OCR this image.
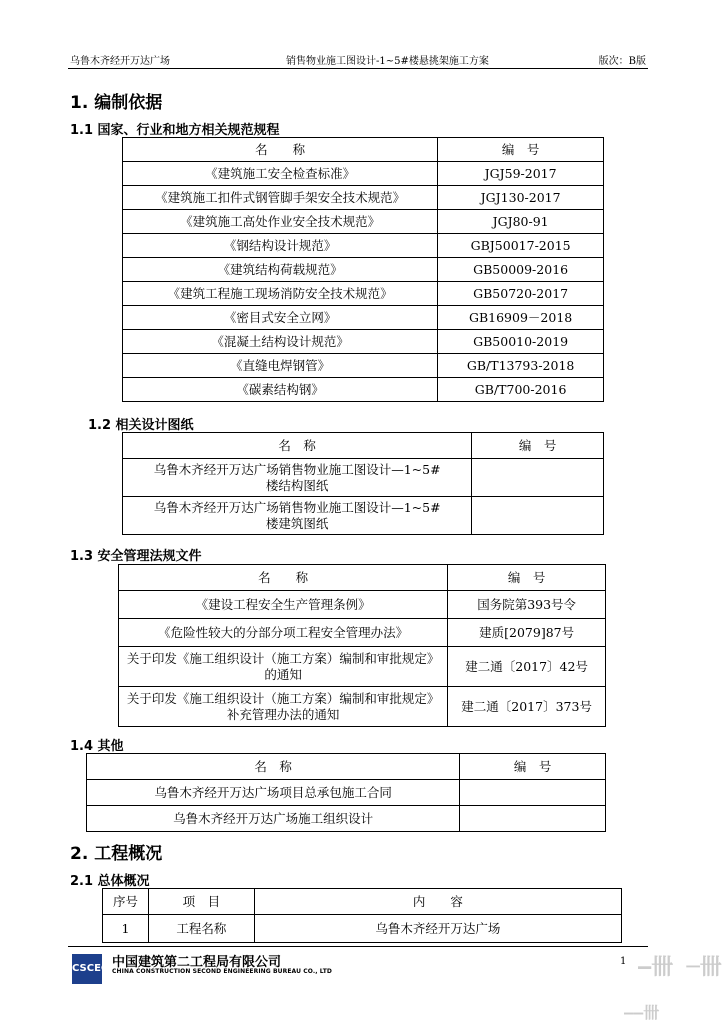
乌鲁木齐经开万达广场	销售物业施工图设计-1~5#楼悬挑架施工方案	版次：B版
1. 编制依据
1.1 国家、行业和地方相关规范规程
名　　称	编　号
《建筑施工安全检查标准》	JGJ59-2017
《建筑施工扣件式钢管脚手架安全技术规范》	JGJ130-2017
《建筑施工高处作业安全技术规范》	JGJ80-91
《钢结构设计规范》	GBJ50017-2015
《建筑结构荷载规范》	GB50009-2016
《建筑工程施工现场消防安全技术规范》	GB50720-2017
《密目式安全立网》	GB16909－2018
《混凝土结构设计规范》	GB50010-2019
《直缝电焊钢管》	GB/T13793-2018
《碳素结构钢》	GB/T700-2016
1.2 相关设计图纸
名　称	编　号
乌鲁木齐经开万达广场销售物业施工图设计—1~5#楼结构图纸	
乌鲁木齐经开万达广场销售物业施工图设计—1~5#楼建筑图纸	
1.3 安全管理法规文件
名　　称	编　号
《建设工程安全生产管理条例》	国务院第393号令
《危险性较大的分部分项工程安全管理办法》	建质[2079]87号
关于印发《施工组织设计（施工方案）编制和审批规定》的通知	建二通〔2017〕42号
关于印发《施工组织设计（施工方案）编制和审批规定》补充管理办法的通知	建二通〔2017〕373号
1.4 其他
名　称	编　号
乌鲁木齐经开万达广场项目总承包施工合同	
乌鲁木齐经开万达广场施工组织设计	
2. 工程概况
2.1 总体概况
序号	项　目	内　　容
1	工程名称	乌鲁木齐经开万达广场
CSCEC 中国建筑第二工程局有限公司
CHINA CONSTRUCTION SECOND ENGINEERING BUREAU CO., LTD
1 —卌 ─卌
——卌
